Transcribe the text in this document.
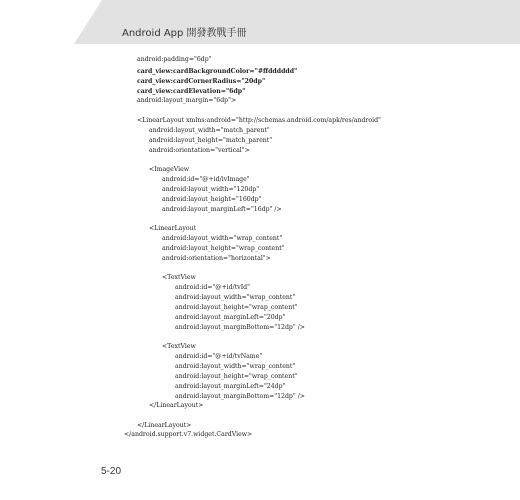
Android App 開發教戰手冊
android:padding="6dp"
card_view:cardBackgroundColor="#ffdddddd"
card_view:cardCornerRadius="20dp"
card_view:cardElevation="6dp"
android:layout_margin="6dp">
<LinearLayout xmlns:android="http://schemas.android.com/apk/res/android"
android:layout_width="match_parent"
android:layout_height="match_parent"
android:orientation="vertical">
<ImageView
android:id="@+id/ivImage"
android:layout_width="120dp"
android:layout_height="160dp"
android:layout_marginLeft="16dp" />
<LinearLayout
android:layout_width="wrap_content"
android:layout_height="wrap_content"
android:orientation="horizontal">
<TextView
android:id="@+id/tvId"
android:layout_width="wrap_content"
android:layout_height="wrap_content"
android:layout_marginLeft="20dp"
android:layout_marginBottom="12dp" />
<TextView
android:id="@+id/tvName"
android:layout_width="wrap_content"
android:layout_height="wrap_content"
android:layout_marginLeft="24dp"
android:layout_marginBottom="12dp" />
</LinearLayout>
</LinearLayout>
</android.support.v7.widget.CardView>
5-20
